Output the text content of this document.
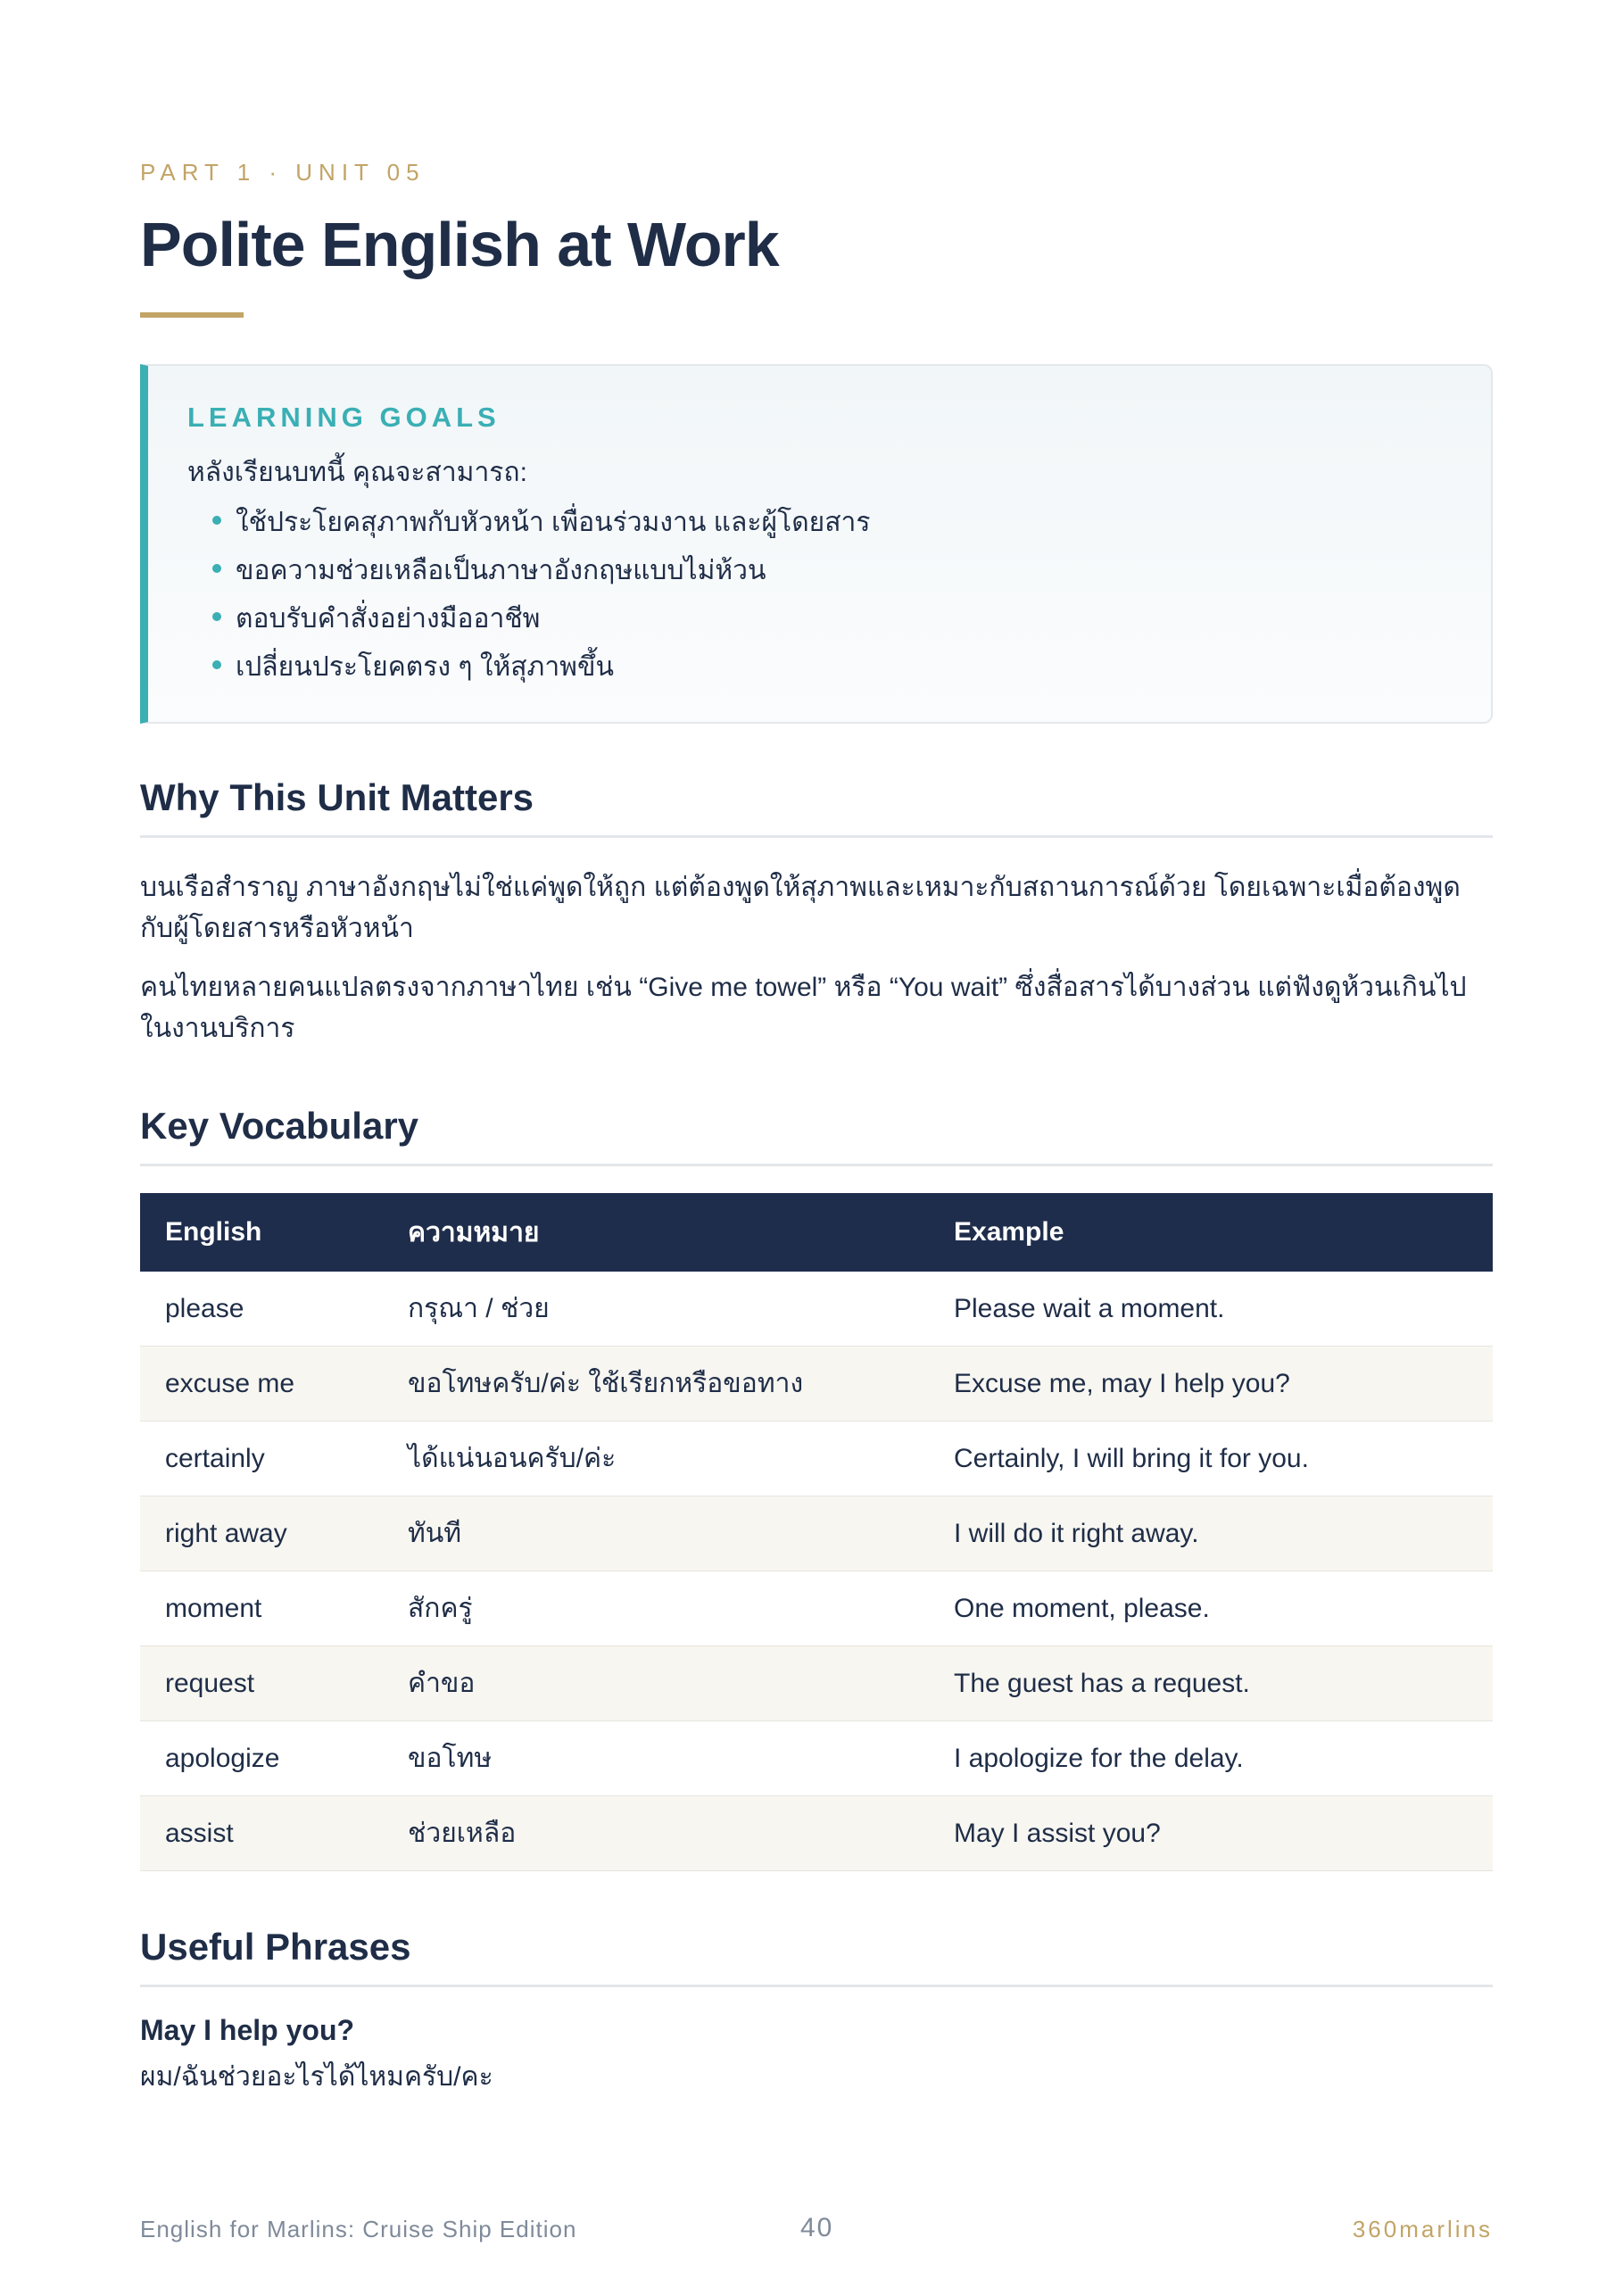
PART 1 · UNIT 05
Polite English at Work
LEARNING GOALS
หลังเรียนบทนี้ คุณจะสามารถ:
ใช้ประโยคสุภาพกับหัวหน้า เพื่อนร่วมงาน และผู้โดยสาร
ขอความช่วยเหลือเป็นภาษาอังกฤษแบบไม่ห้วน
ตอบรับคำสั่งอย่างมืออาชีพ
เปลี่ยนประโยคตรง ๆ ให้สุภาพขึ้น
Why This Unit Matters

บนเรือสำราญ ภาษาอังกฤษไม่ใช่แค่พูดให้ถูก แต่ต้องพูดให้สุภาพและเหมาะกับสถานการณ์ด้วย โดยเฉพาะเมื่อต้องพูดกับผู้โดยสารหรือหัวหน้า

คนไทยหลายคนแปลตรงจากภาษาไทย เช่น “Give me towel” หรือ “You wait” ซึ่งสื่อสารได้บางส่วน แต่ฟังดูห้วนเกินไปในงานบริการ

Key Vocabulary
English	ความหมาย	Example
please	กรุณา / ช่วย	Please wait a moment.
excuse me	ขอโทษครับ/ค่ะ ใช้เรียกหรือขอทาง	Excuse me, may I help you?
certainly	ได้แน่นอนครับ/ค่ะ	Certainly, I will bring it for you.
right away	ทันที	I will do it right away.
moment	สักครู่	One moment, please.
request	คำขอ	The guest has a request.
apologize	ขอโทษ	I apologize for the delay.
assist	ช่วยเหลือ	May I assist you?
Useful Phrases
May I help you?
ผม/ฉันช่วยอะไรได้ไหมครับ/คะ
English for Marlins: Cruise Ship Edition	40	360marlins
